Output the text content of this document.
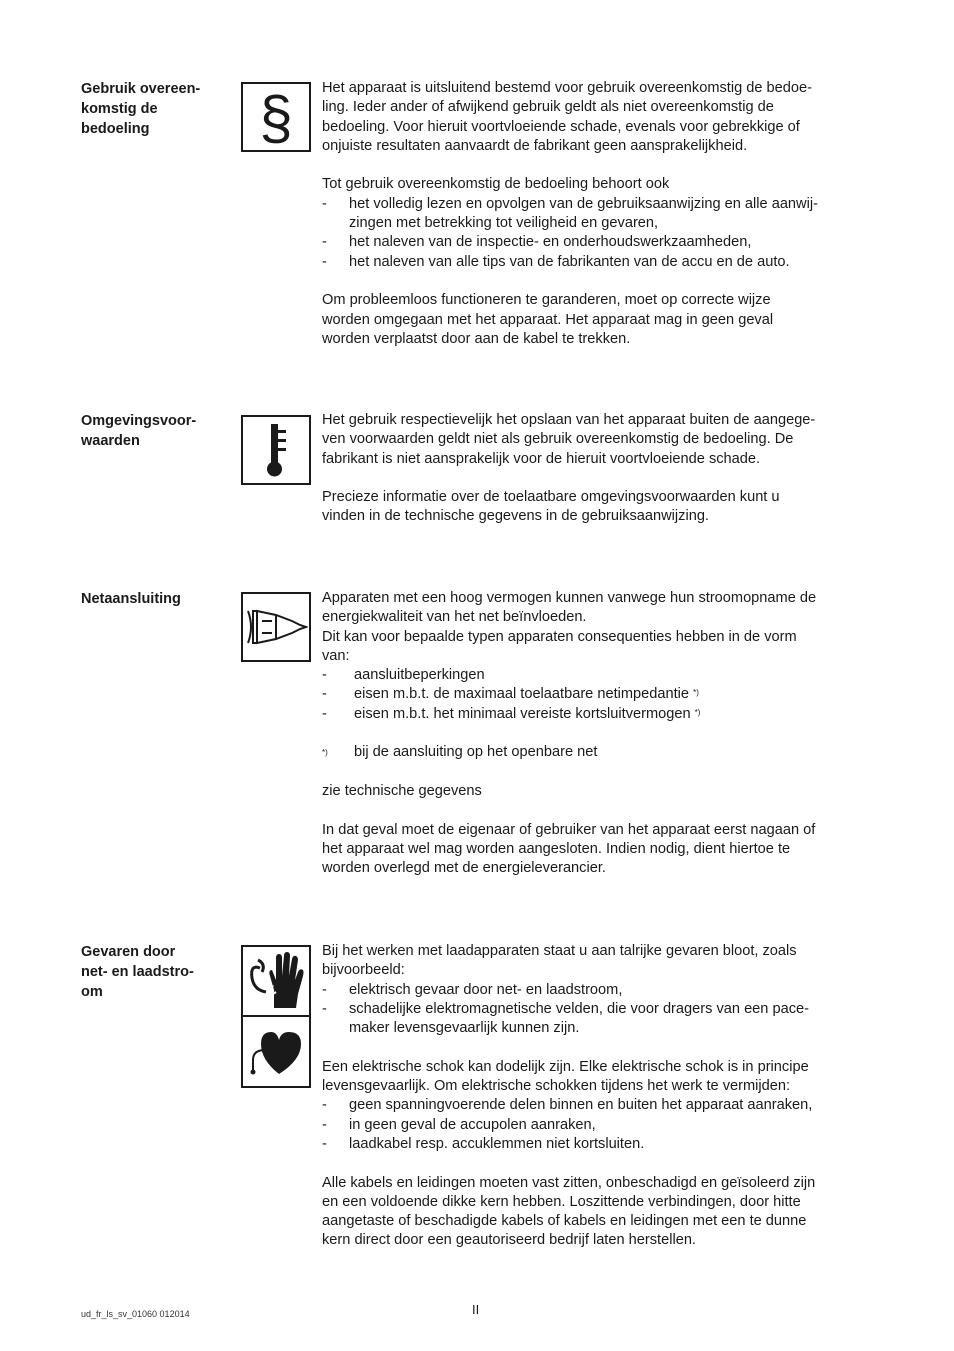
Gebruik overeen-
komstig de
bedoeling	§ Het apparaat is uitsluitend bestemd voor gebruik overeenkomstig de bedoe-
ling. Ieder ander of afwijkend gebruik geldt als niet overeenkomstig de
bedoeling. Voor hieruit voortvloeiende schade, evenals voor gebrekkige of
onjuiste resultaten aanvaardt de fabrikant geen aansprakelijkheid.
Tot gebruik overeenkomstig de bedoeling behoort ook
- het volledig lezen en opvolgen van de gebruiksaanwijzing en alle aanwij-
zingen met betrekking tot veiligheid en gevaren,
- het naleven van de inspectie- en onderhoudswerkzaamheden,
- het naleven van alle tips van de fabrikanten van de accu en de auto.
Om probleemloos functioneren te garanderen, moet op correcte wijze
worden omgegaan met het apparaat. Het apparaat mag in geen geval
worden verplaatst door aan de kabel te trekken.
Omgevingsvoor-
waarden
Het gebruik respectievelijk het opslaan van het apparaat buiten de aangege-
ven voorwaarden geldt niet als gebruik overeenkomstig de bedoeling. De
fabrikant is niet aansprakelijk voor de hieruit voortvloeiende schade.
Precieze informatie over de toelaatbare omgevingsvoorwaarden kunt u
vinden in de technische gegevens in de gebruiksaanwijzing.
Netaansluiting	Apparaten met een hoog vermogen kunnen vanwege hun stroomopname de
energiekwaliteit van het net beïnvloeden.
Dit kan voor bepaalde typen apparaten consequenties hebben in de vorm
van:
- aansluitbeperkingen
- eisen m.b.t. de maximaal toelaatbare netimpedantie *)
- eisen m.b.t. het minimaal vereiste kortsluitvermogen *)
*) bij de aansluiting op het openbare net
zie technische gegevens
In dat geval moet de eigenaar of gebruiker van het apparaat eerst nagaan of
het apparaat wel mag worden aangesloten. Indien nodig, dient hiertoe te
worden overlegd met de energieleverancier.
Gevaren door
net- en laadstro-
om
Bij het werken met laadapparaten staat u aan talrijke gevaren bloot, zoals
bijvoorbeeld:
- elektrisch gevaar door net- en laadstroom,
- schadelijke elektromagnetische velden, die voor dragers van een pace-
maker levensgevaarlijk kunnen zijn.
Een elektrische schok kan dodelijk zijn. Elke elektrische schok is in principe
levensgevaarlijk. Om elektrische schokken tijdens het werk te vermijden:
- geen spanningvoerende delen binnen en buiten het apparaat aanraken,
- in geen geval de accupolen aanraken,
- laadkabel resp. accuklemmen niet kortsluiten.
Alle kabels en leidingen moeten vast zitten, onbeschadigd en geïsoleerd zijn
en een voldoende dikke kern hebben. Loszittende verbindingen, door hitte
aangetaste of beschadigde kabels of kabels en leidingen met een te dunne
kern direct door een geautoriseerd bedrijf laten herstellen.
ud_fr_ls_sv_01060 012014	II
